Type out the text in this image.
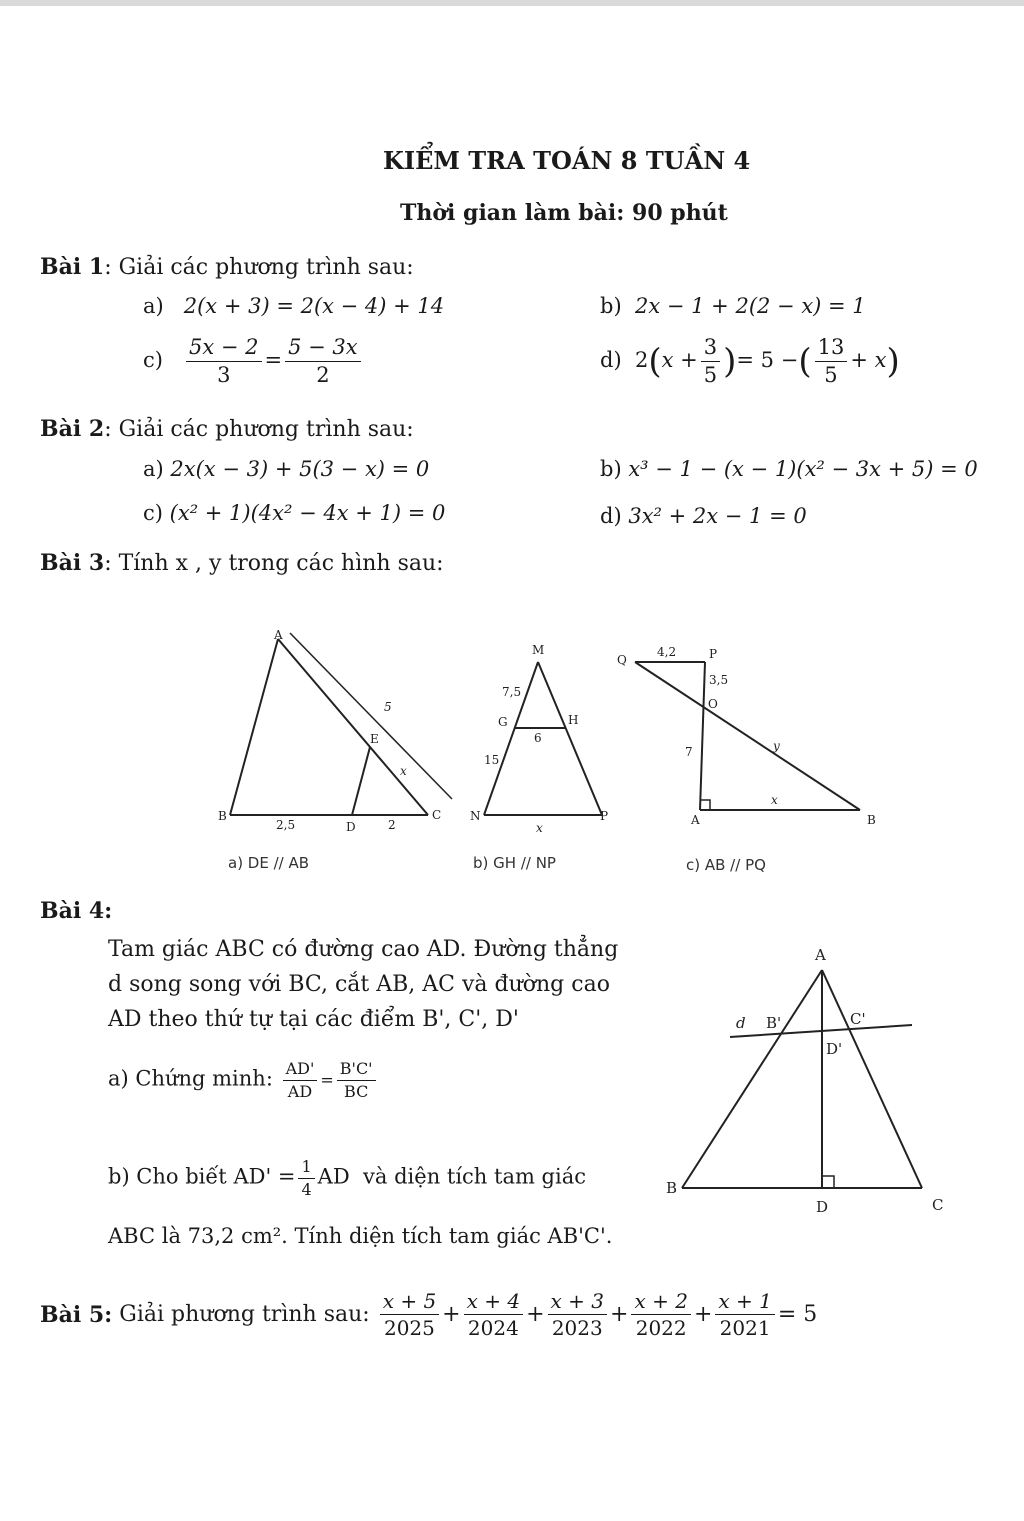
KIỂM TRA TOÁN 8 TUẦN 4
Thời gian làm bài: 90 phút
Bài 1: Giải các phương trình sau:
a) 2(x + 3) = 2(x − 4) + 14	b) 2x − 1 + 2(2 − x) = 1
$c) \frac{5x - 2}{3} = \frac{5 - 3x}{2}$	d) $2(x + \frac{3}{5}$ )= 5 −( $\frac{13}{5} + x$)
Bài 2: Giải các phương trình sau:
a) 2x(x − 3) + 5(3 − x) = 0	b) x³ − 1 − (x − 1)(x² − 3x + 5) = 0
c) (x² + 1)(4x² − 4x + 1) = 0	d) 3x² + 2x − 1 = 0
Bài 3: Tính x , y trong các hình sau:
A
B	C
D
E
5
x
2,5	2
a) DE // AB
M
G	H
N	P
7,5
6
15
x
b) GH // NP
Q	P
O
A	B
4,2
3,5
7	y
x
c) AB // PQ
Bài 4:
Tam giác ABC có đường cao AD. Đường thẳng d song song với BC, cắt AB, AC và đường cao AD theo thứ tự tại các điểm B', C', D'
a) Chứng minh: $\frac{AD'}{AD} = \frac{B'C'}{BC}$
b) Cho biết $AD' = \frac{1}{4}$ AD và diện tích tam giác
ABC là 73,2 cm². Tính diện tích tam giác AB'C'.
A
B
C
D
B'	C'
D'
d
Bài 5:
Giải phương trình sau:
$\frac{x + 5}{2025} + \frac{x + 4}{2024} + \frac{x + 3}{2023} + \frac{x + 2}{2022} + \frac{x + 1}{2021} = 5$
